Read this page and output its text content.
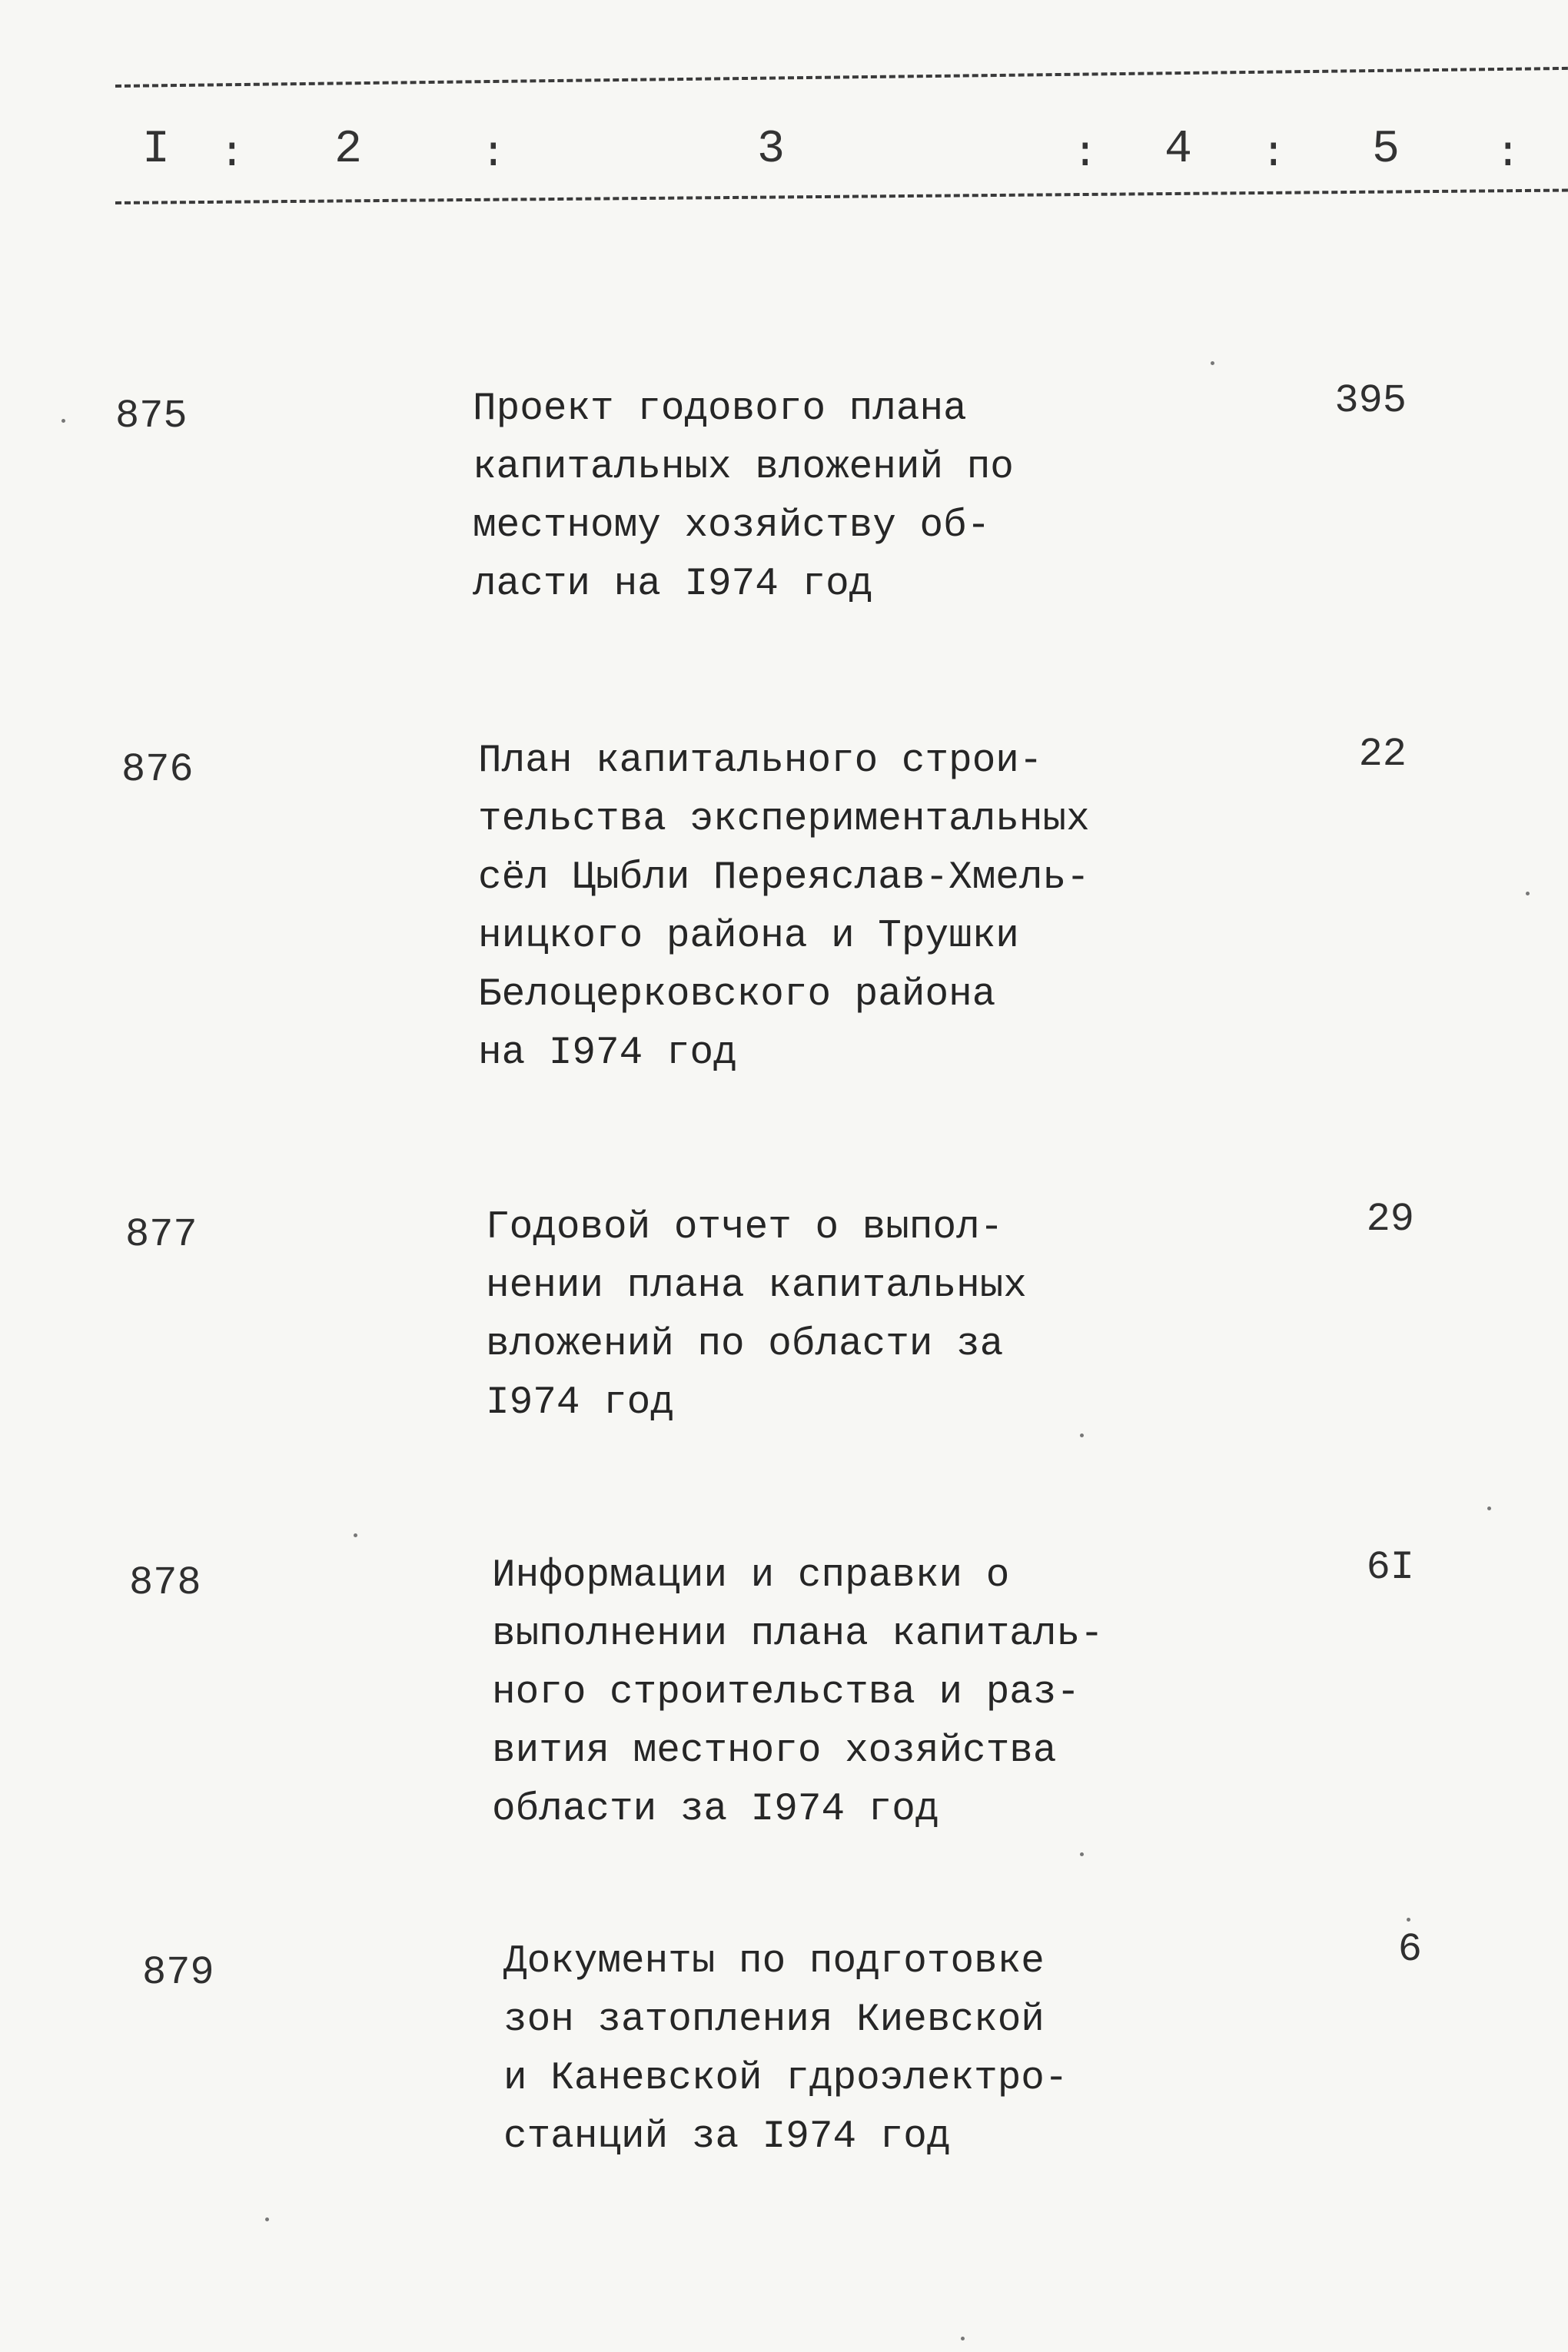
I : 2	:	3	: 4 : 5 :
875	Проект годового плана
капитальных вложений по
местному хозяйству об-
ласти на I974 год
395
876	План капитального строи-
тельства экспериментальных
сёл Цыбли Переяслав-Хмель-
ницкого района и Трушки
Белоцерковского района
на I974 год
22
877	Годовой отчет о выпол-
нении плана капитальных
вложений по области за
I974 год
29
878	Информации и справки о
выполнении плана капиталь-
ного строительства и раз-
вития местного хозяйства
области за I974 год
6I
879	Документы по подготовке
зон затопления Киевской
и Каневской гдроэлектро-
станций за I974 год
6
